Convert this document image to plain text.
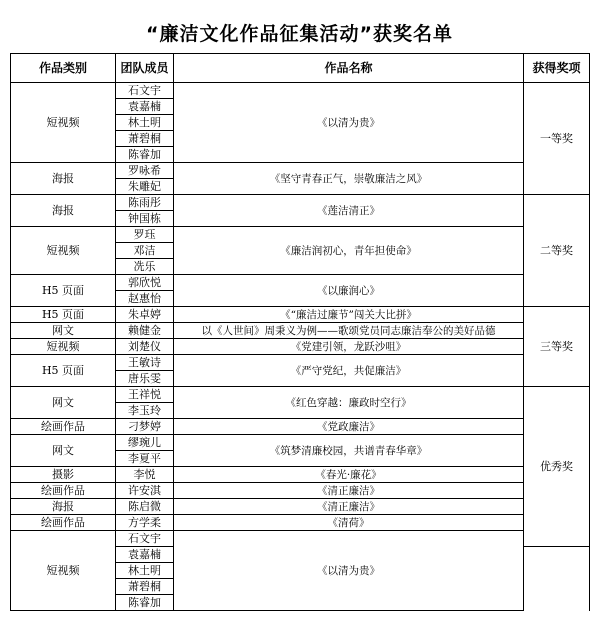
“廉洁文化作品征集活动”获奖名单
作品类别	团队成员	作品名称	获得奖项	
短视频	石文宇	《以清为贵》	一等奖	
	袁嘉楠			
	林土明			
	萧碧桐			
	陈睿加			
海报	罗咏希	《坚守青春正气，崇敬廉洁之风》		
	朱雕妃			
海报	陈雨彤	《莲洁清正》	二等奖	
	钟国栋			
短视频	罗珏	《廉洁润初心，青年担使命》		
	邓洁			
	冼乐			
H5 页面	郭欣悦	《以廉润心》		
	赵惠怡			
H5 页面	朱卓婷	《“廉洁过廉节”闯关大比拼》	三等奖	
网文	赖健金	以《人世间》周秉义为例——歌颂党员同志廉洁奉公的美好品德		
短视频	刘楚仪	《党建引领，龙跃沙咀》		
H5 页面	王敏诗	《严守党纪，共促廉洁》		
	唐乐雯			
网文	王祥悦	《红色穿越：廉政时空行》	优秀奖	
	李玉玲			
绘画作品	刁梦婷	《党政廉洁》		
网文	缪琬儿	《筑梦清廉校园，共谱青春华章》		
	李夏平			
摄影	李悦	《春光·廉花》		
绘画作品	许安淇	《清正廉洁》		
海报	陈启微	《清正廉洁》		
绘画作品	方学柔	《清荷》		
短视频	石文宇	《以清为贵》	
	袁嘉楠			
	林土明			
	萧碧桐			
	陈睿加			
